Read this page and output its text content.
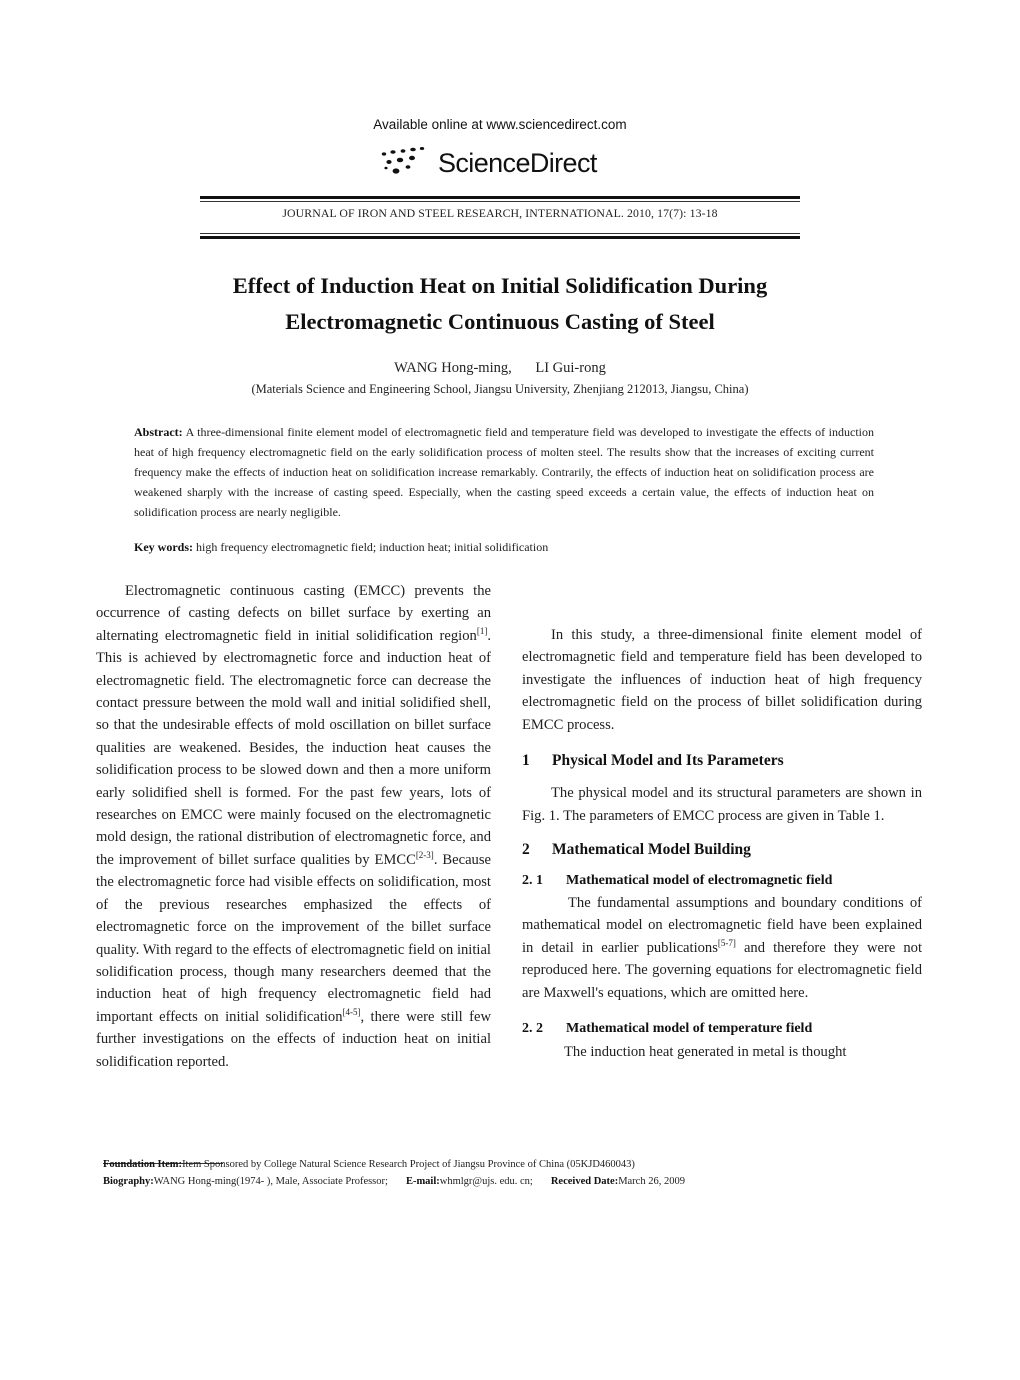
Available online at www.sciencedirect.com
ScienceDirect
JOURNAL OF IRON AND STEEL RESEARCH, INTERNATIONAL. 2010, 17(7): 13-18
Effect of Induction Heat on Initial Solidification During
Electromagnetic Continuous Casting of Steel
WANG Hong-ming, LI Gui-rong
(Materials Science and Engineering School, Jiangsu University, Zhenjiang 212013, Jiangsu, China)
Abstract: A three-dimensional finite element model of electromagnetic field and temperature field was developed to investigate the effects of induction heat of high frequency electromagnetic field on the early solidification process of molten steel. The results show that the increases of exciting current frequency make the effects of induction heat on solidification increase remarkably. Contrarily, the effects of induction heat on solidification process are weakened sharply with the increase of casting speed. Especially, when the casting speed exceeds a certain value, the effects of induction heat on solidification process are nearly negligible.
Key words: high frequency electromagnetic field; induction heat; initial solidification

Electromagnetic continuous casting (EMCC) prevents the occurrence of casting defects on billet surface by exerting an alternating electromagnetic field in initial solidification region[1]. This is achieved by electromagnetic force and induction heat of electromagnetic field. The electromagnetic force can decrease the contact pressure between the mold wall and initial solidified shell, so that the undesirable effects of mold oscillation on billet surface qualities are weakened. Besides, the induction heat causes the solidification process to be slowed down and then a more uniform early solidified shell is formed. For the past few years, lots of researches on EMCC were mainly focused on the electromagnetic mold design, the rational distribution of electromagnetic force, and the improvement of billet surface qualities by EMCC[2-3]. Because the electromagnetic force had visible effects on solidification, most of the previous researches emphasized the effects of electromagnetic force on the improvement of the billet surface quality. With regard to the effects of electromagnetic field on initial solidification process, though many researchers deemed that the induction heat of high frequency electromagnetic field had important effects on initial solidification[4-5], there were still few further investigations on the effects of induction heat on initial solidification reported.

In this study, a three-dimensional finite element model of electromagnetic field and temperature field has been developed to investigate the influences of induction heat of high frequency electromagnetic field on the process of billet solidification during EMCC process.

1 Physical Model and Its Parameters

The physical model and its structural parameters are shown in Fig. 1. The parameters of EMCC process are given in Table 1.

2 Mathematical Model Building

2. 1 Mathematical model of electromagnetic field

The fundamental assumptions and boundary conditions of mathematical model on electromagnetic field have been explained in detail in earlier publications[5-7] and therefore they were not reproduced here. The governing equations for electromagnetic field are Maxwell's equations, which are omitted here.

2. 2 Mathematical model of temperature field

The induction heat generated in metal is thought

Foundation Item:Item Sponsored by College Natural Science Research Project of Jiangsu Province of China (05KJD460043)
Biography:WANG Hong-ming(1974- ), Male, Associate Professor; E-mail:whmlgr@ujs. edu. cn; Received Date:March 26, 2009
